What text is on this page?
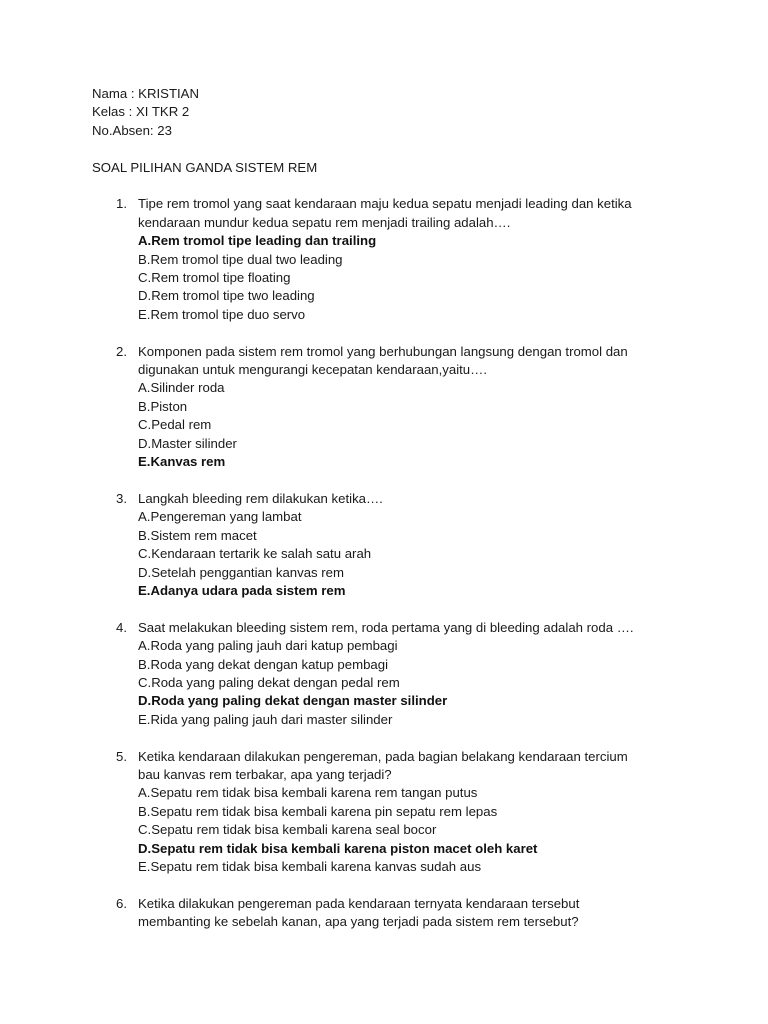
Nama : KRISTIAN
Kelas : XI TKR 2
No.Absen: 23
SOAL PILIHAN GANDA SISTEM REM
1. Tipe rem tromol yang saat kendaraan maju kedua sepatu menjadi leading dan ketika
kendaraan mundur kedua sepatu rem menjadi trailing adalah….
A.Rem tromol tipe leading dan trailing
B.Rem tromol tipe dual two leading
C.Rem tromol tipe floating
D.Rem tromol tipe two leading
E.Rem tromol tipe duo servo
2. Komponen pada sistem rem tromol yang berhubungan langsung dengan tromol dan
digunakan untuk mengurangi kecepatan kendaraan,yaitu….
A.Silinder roda
B.Piston
C.Pedal rem
D.Master silinder
E.Kanvas rem
3. Langkah bleeding rem dilakukan ketika….
A.Pengereman yang lambat
B.Sistem rem macet
C.Kendaraan tertarik ke salah satu arah
D.Setelah penggantian kanvas rem
E.Adanya udara pada sistem rem
4. Saat melakukan bleeding sistem rem, roda pertama yang di bleeding adalah roda ….
A.Roda yang paling jauh dari katup pembagi
B.Roda yang dekat dengan katup pembagi
C.Roda yang paling dekat dengan pedal rem
D.Roda yang paling dekat dengan master silinder
E.Rida yang paling jauh dari master silinder
5. Ketika kendaraan dilakukan pengereman, pada bagian belakang kendaraan tercium
bau kanvas rem terbakar, apa yang terjadi?
A.Sepatu rem tidak bisa kembali karena rem tangan putus
B.Sepatu rem tidak bisa kembali karena pin sepatu rem lepas
C.Sepatu rem tidak bisa kembali karena seal bocor
D.Sepatu rem tidak bisa kembali karena piston macet oleh karet
E.Sepatu rem tidak bisa kembali karena kanvas sudah aus
6. Ketika dilakukan pengereman pada kendaraan ternyata kendaraan tersebut
membanting ke sebelah kanan, apa yang terjadi pada sistem rem tersebut?
